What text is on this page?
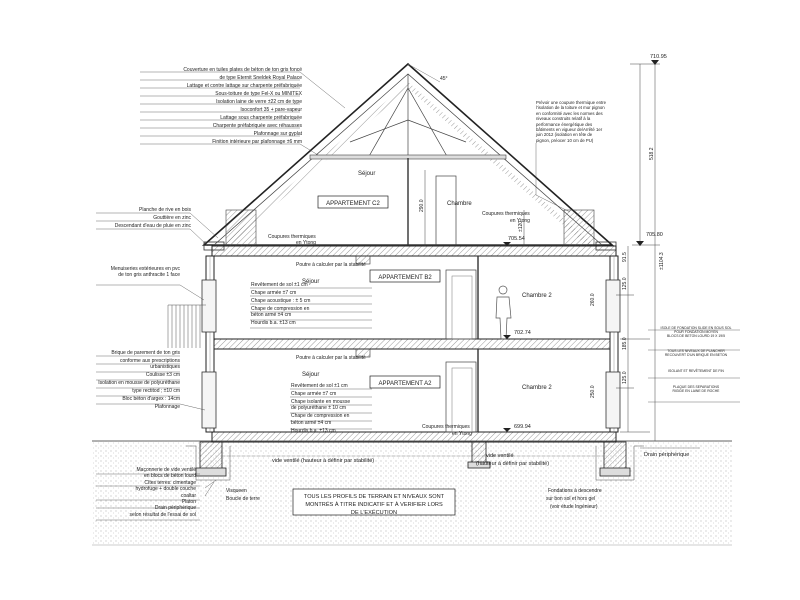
APPARTEMENT C2
APPARTEMENT B2
APPARTEMENT A2
Séjour
Chambre
Séjour
Chambre 2
Séjour
Chambre 2
Coupures thermiques
en Ytong
Coupures thermiques
en Ytong
Coupures thermiques
en Ytong
Poutre à calculer par la stabilité
Poutre à calculer par la stabilité
vide ventilé (hauteur à définir par stabilité)
vide ventilé
(hauteur à définir par stabilité)
Drain périphérique
Visqueen
Boucle de terre
Fondations à descendre
sur bon sol et hors gel
(voir étude Ingénieur)
45°
TOUS LES PROFILS DE TERRAIN ET NIVEAUX SONT
MONTRÉS À TITRE INDICATIF ET À VERIFIER LORS
DE L'EXÉCUTION
710.95
705.80
705.54
702.74
699.94
518.2
±1104.3
290.0
±120
91.5
125.0
260.0
185.0
125.0
250.0
Couverture en tuiles plates de béton de ton gris foncé
de type Eternit Sneldek Royal Palace
Lattage et contre lattage sur charpente préfabriquée
Sous-toiture de type Fel-X ou MINITEX
Isolation laine de verre ±22 cm de type
Isoconfort 35 + pare-vapeur
Lattage sous charpente préfabriquée
Charpente préfabriquée avec réhausses
Plafonnage sur gyplat
Finition intérieure par plafonnage ±6 mm
Planche de rive en bois
Gouttière en zinc
Descendant d'eau de pluie en zinc
Menuiseries extérieures en pvc
de ton gris anthracite 1 face
Brique de parement de ton gris
conforme aux prescriptions urbanistiques
Coulisse ±3 cm
Isolation en mousse de polyuréthane
type rectitod ; ±10 cm
Bloc béton d'argex : 14cm
Plafonnage
Maçonnerie de vide ventilé
en blocs de béton lourd
Cîtes terres: cimentage
hydrofuge + double couche
coaltar
Platon
Drain périphérique
selon résultat de l'essai de sol
Prévoir une coupure thermique entre
l'isolation de la toiture et mur pignon
en conformité avec les normes des
niveaux construits relatif à la
performance énergétique des
bâtiments en vigueur de/Arrêté 1er
juin 2012 (isolation en tête de
pignon, préocer 10 cm de PU)
Revêtement de sol ±1 cm
Chape armée ±7 cm
Chape acoustique : ± 5 cm
Chape de compression en
béton armé ±4 cm
Hourdis b.a. ±13 cm
Revêtement de sol ±1 cm
Chape armée ±7 cm
Chape isolante en mousse
de polyuréthane ± 10 cm
Chape de compression en
béton armé ±4 cm
Hourdis b.a. ±13 cm
ISOLE DE FONDATION SLIDE EN SOUS SOL
POUR FONDATION MOYEN
BLOCS DE BETON LOURD 19 X 19/5
TOUS LES NIVEAUX DE PLANCHER
RECOUVERT D'UN BRIQUE EN BETON
ISOLANT ET REVÊTEMENT DE FIN
PLAQUE DES SEPARATIONS
RIGIDE EN LAINE DE ROCHE
